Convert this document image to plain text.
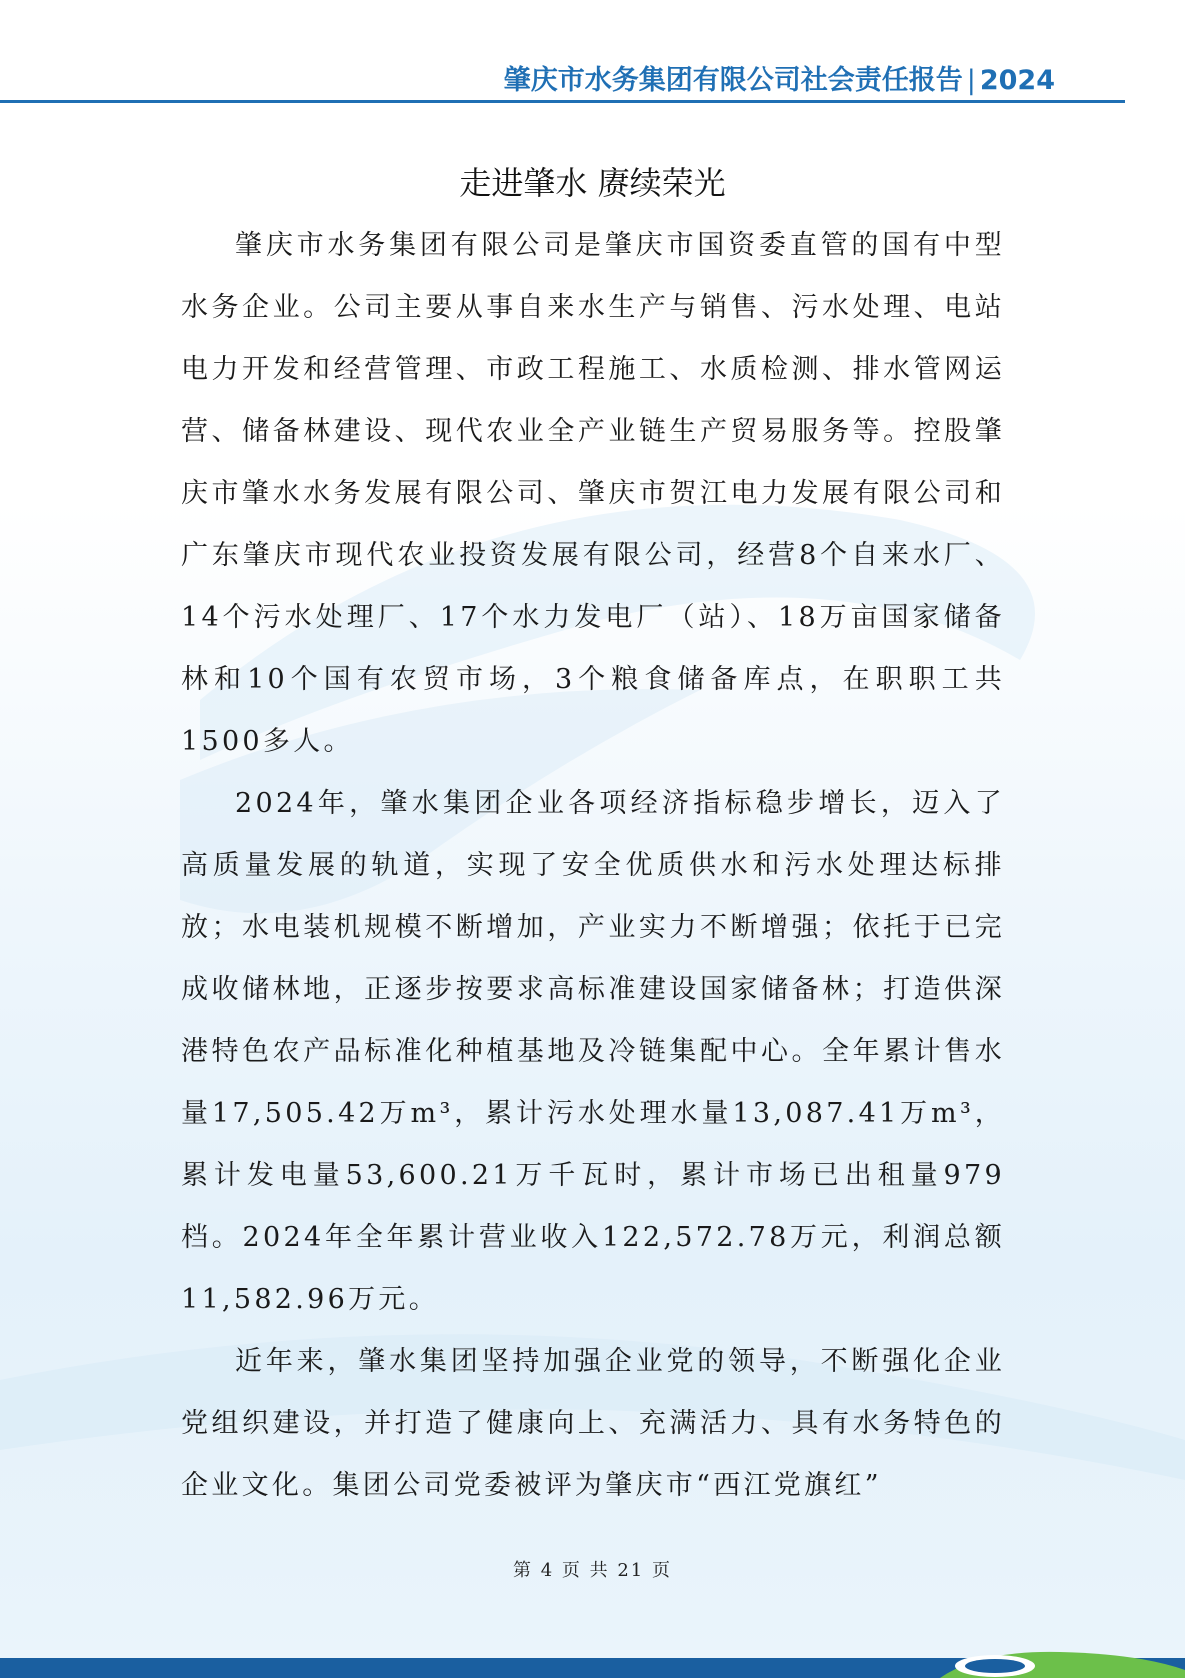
肇庆市水务集团有限公司社会责任报告 | 2024
走进肇水 赓续荣光

肇庆市水务集团有限公司是肇庆市国资委直管的国有中型水务企业。公司主要从事自来水生产与销售、污水处理、电站电力开发和经营管理、市政工程施工、水质检测、排水管网运营、储备林建设、现代农业全产业链生产贸易服务等。控股肇庆市肇水水务发展有限公司、肇庆市贺江电力发展有限公司和广东肇庆市现代农业投资发展有限公司，经营8个自来水厂、14个污水处理厂、17个水力发电厂（站）、18万亩国家储备林和10个国有农贸市场，3个粮食储备库点，在职职工共1500多人。

2024年，肇水集团企业各项经济指标稳步增长，迈入了高质量发展的轨道，实现了安全优质供水和污水处理达标排放；水电装机规模不断增加，产业实力不断增强；依托于已完成收储林地，正逐步按要求高标准建设国家储备林；打造供深港特色农产品标准化种植基地及冷链集配中心。全年累计售水量17,505.42万m³，累计污水处理水量13,087.41万m³，累计发电量53,600.21万千瓦时，累计市场已出租量979档。2024年全年累计营业收入122,572.78万元，利润总额11,582.96万元。

近年来，肇水集团坚持加强企业党的领导，不断强化企业党组织建设，并打造了健康向上、充满活力、具有水务特色的企业文化。集团公司党委被评为肇庆市“西江党旗红”

第 4 页 共 21 页
